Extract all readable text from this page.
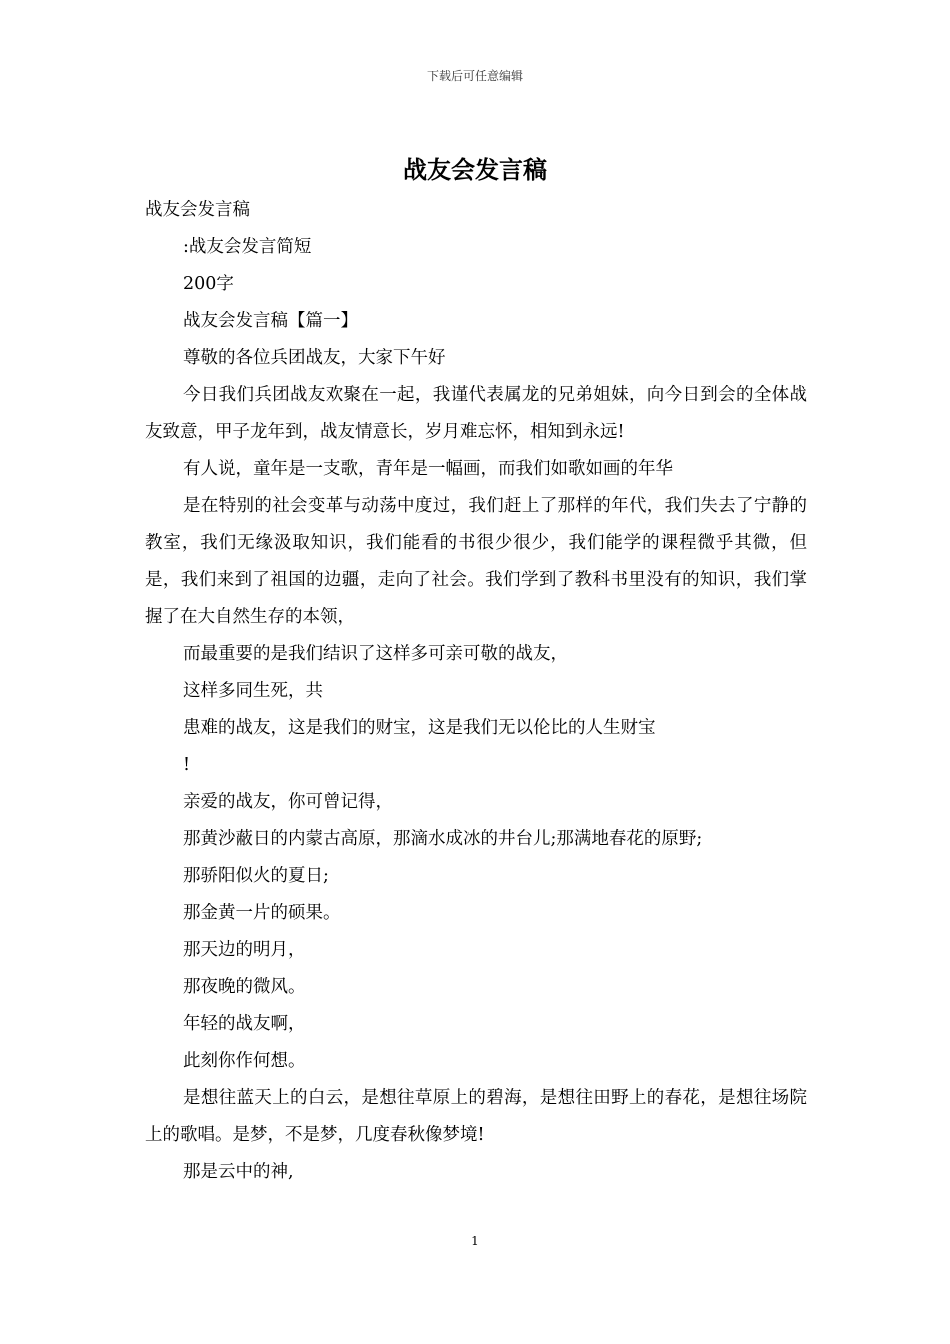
下载后可任意编辑
战友会发言稿

战友会发言稿

:战友会发言简短

200字

战友会发言稿【篇一】

尊敬的各位兵团战友，大家下午好

今日我们兵团战友欢聚在一起，我谨代表属龙的兄弟姐妹，向今日到会的全体战友致意，甲子龙年到，战友情意长，岁月难忘怀，相知到永远!

有人说，童年是一支歌，青年是一幅画，而我们如歌如画的年华

是在特别的社会变革与动荡中度过，我们赶上了那样的年代，我们失去了宁静的教室，我们无缘汲取知识，我们能看的书很少很少，我们能学的课程微乎其微，但是，我们来到了祖国的边疆，走向了社会。我们学到了教科书里没有的知识，我们掌握了在大自然生存的本领，

而最重要的是我们结识了这样多可亲可敬的战友，

这样多同生死，共

患难的战友，这是我们的财宝，这是我们无以伦比的人生财宝

!

亲爱的战友，你可曾记得，

那黄沙蔽日的内蒙古高原，那滴水成冰的井台儿;那满地春花的原野;

那骄阳似火的夏日;

那金黄一片的硕果。

那天边的明月，

那夜晚的微风。

年轻的战友啊，

此刻你作何想。

是想往蓝天上的白云，是想往草原上的碧海，是想往田野上的春花，是想往场院上的歌唱。是梦，不是梦，几度春秋像梦境!

那是云中的神,

1
